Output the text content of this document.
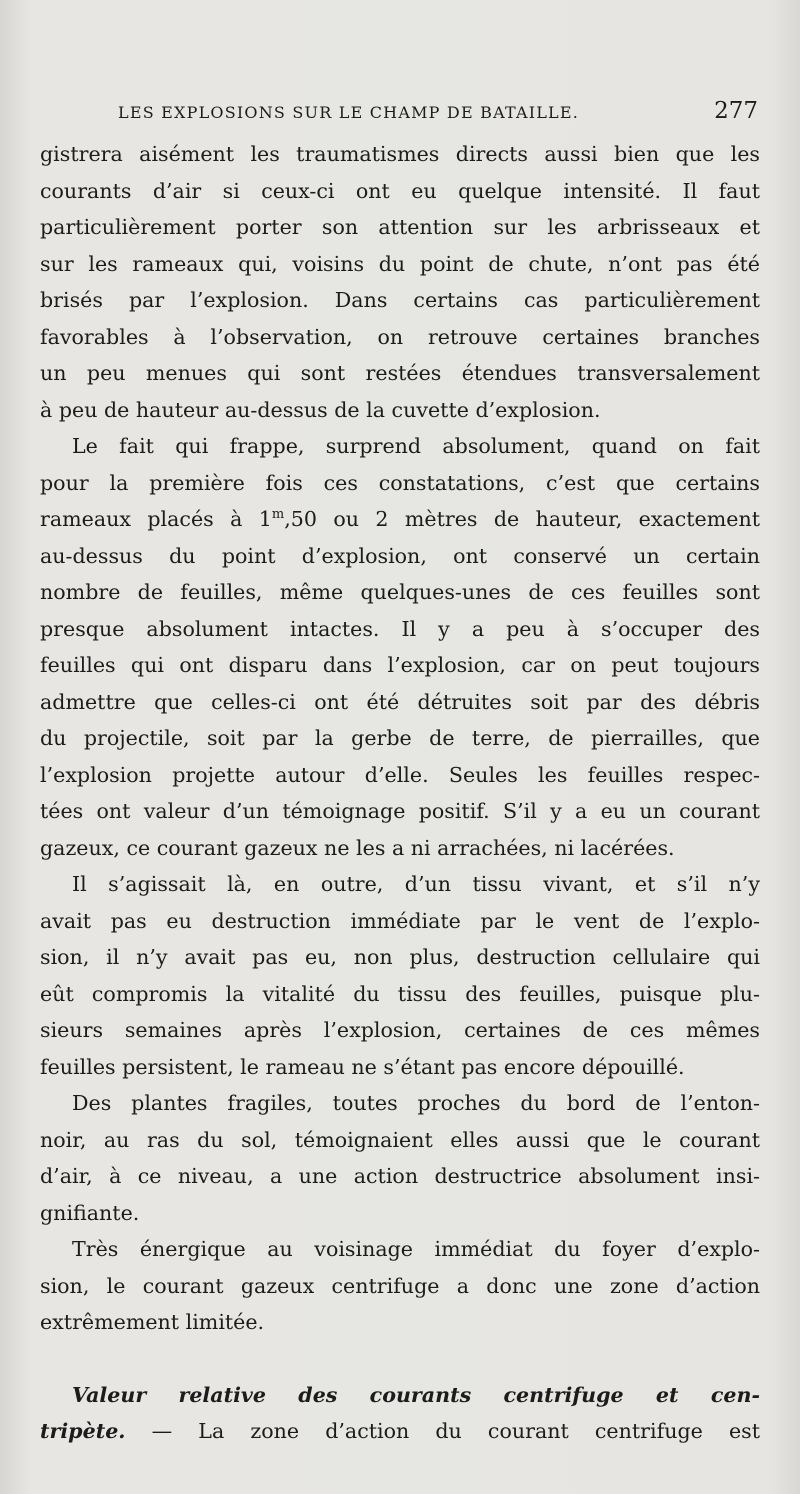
LES EXPLOSIONS SUR LE CHAMP DE BATAILLE.	277

gistrera aisément les traumatismes directs aussi bien que les
courants d’air si ceux-ci ont eu quelque intensité. Il faut
particulièrement porter son attention sur les arbrisseaux et
sur les rameaux qui, voisins du point de chute, n’ont pas été
brisés par l’explosion. Dans certains cas particulièrement
favorables à l’observation, on retrouve certaines branches
un peu menues qui sont restées étendues transversalement
à peu de hauteur au-dessus de la cuvette d’explosion.

Le fait qui frappe, surprend absolument, quand on fait
pour la première fois ces constatations, c’est que certains
rameaux placés à 1$^m$,50 ou 2 mètres de hauteur, exactement
au-dessus du point d’explosion, ont conservé un certain
nombre de feuilles, même quelques-unes de ces feuilles sont
presque absolument intactes. Il y a peu à s’occuper des
feuilles qui ont disparu dans l’explosion, car on peut toujours
admettre que celles-ci ont été détruites soit par des débris
du projectile, soit par la gerbe de terre, de pierrailles, que
l’explosion projette autour d’elle. Seules les feuilles respec-
tées ont valeur d’un témoignage positif. S’il y a eu un courant
gazeux, ce courant gazeux ne les a ni arrachées, ni lacérées.

Il s’agissait là, en outre, d’un tissu vivant, et s’il n’y
avait pas eu destruction immédiate par le vent de l’explo-
sion, il n’y avait pas eu, non plus, destruction cellulaire qui
eût compromis la vitalité du tissu des feuilles, puisque plu-
sieurs semaines après l’explosion, certaines de ces mêmes
feuilles persistent, le rameau ne s’étant pas encore dépouillé.

Des plantes fragiles, toutes proches du bord de l’enton-
noir, au ras du sol, témoignaient elles aussi que le courant
d’air, à ce niveau, a une action destructrice absolument insi-
gnifiante.

Très énergique au voisinage immédiat du foyer d’explo-
sion, le courant gazeux centrifuge a donc une zone d’action
extrêmement limitée.

Valeur relative des courants centrifuge et cen-
tripète. — La zone d’action du courant centrifuge est
